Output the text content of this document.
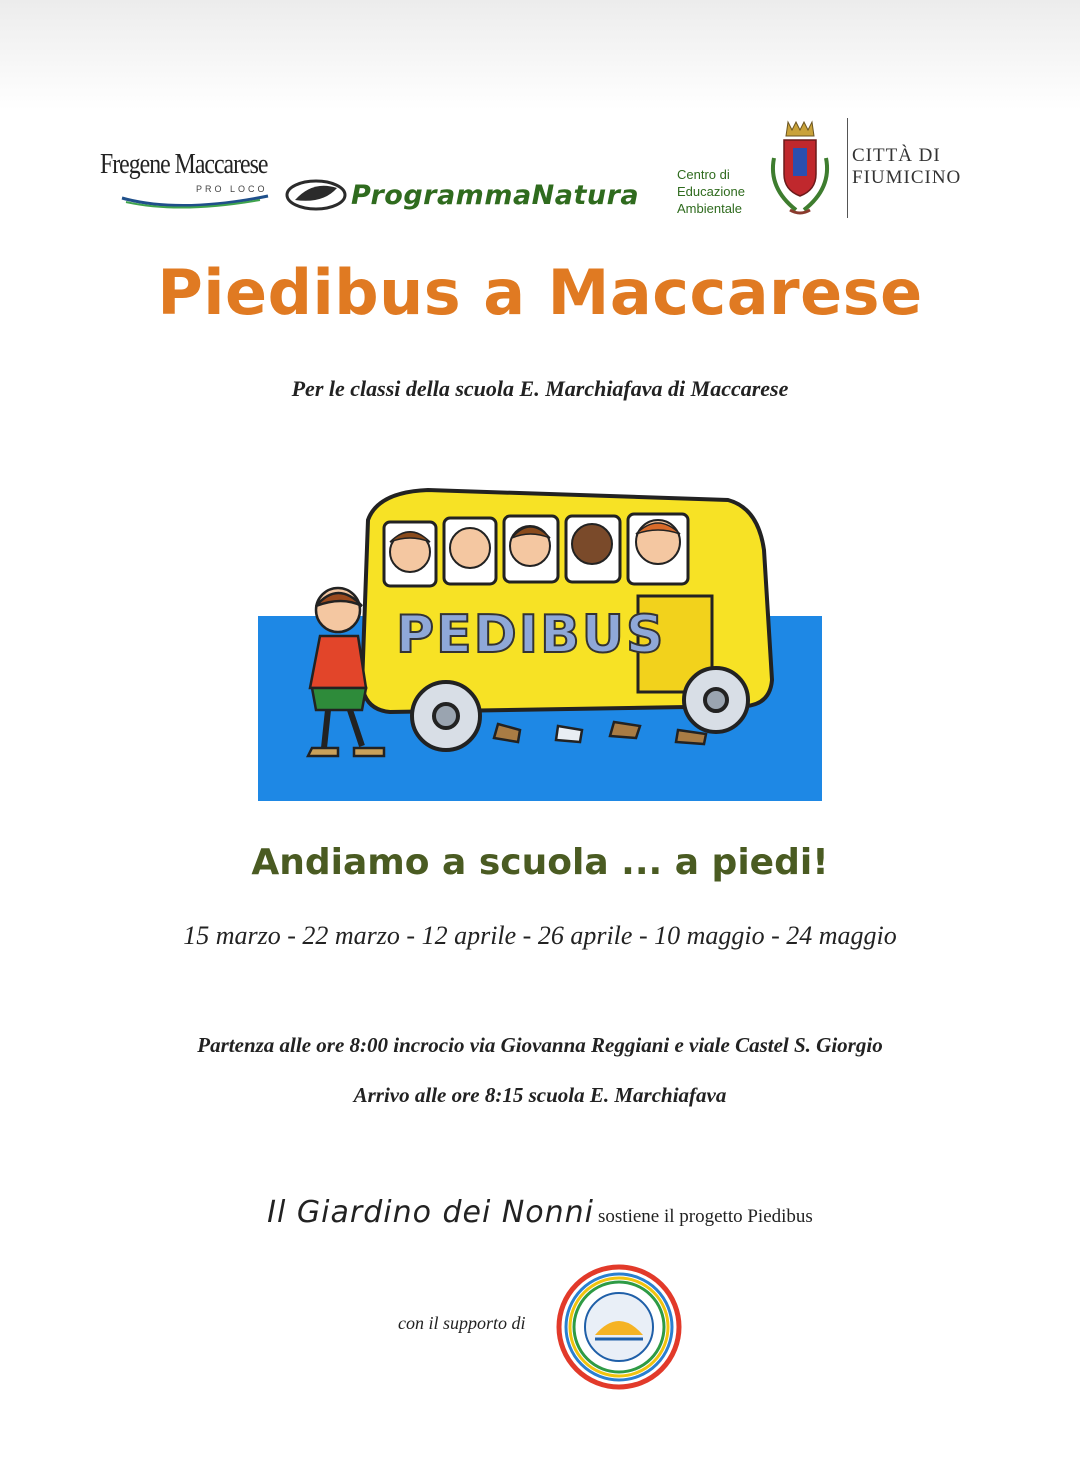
Fregene Maccarese
PRO LOCO	ProgrammaNatura
Centro di
Educazione
Ambientale
CITTÀ DI
FIUMICINO
Piedibus a Maccarese
Per le classi della scuola E. Marchiafava di Maccarese
PEDIBUS
Andiamo a scuola ... a piedi!
15 marzo - 22 marzo - 12 aprile - 26 aprile - 10 maggio - 24 maggio
Partenza alle ore 8:00 incrocio via Giovanna Reggiani e viale Castel S. Giorgio
Arrivo alle ore 8:15 scuola E. Marchiafava
Il Giardino dei Nonni sostiene il progetto Piedibus
con il supporto di
